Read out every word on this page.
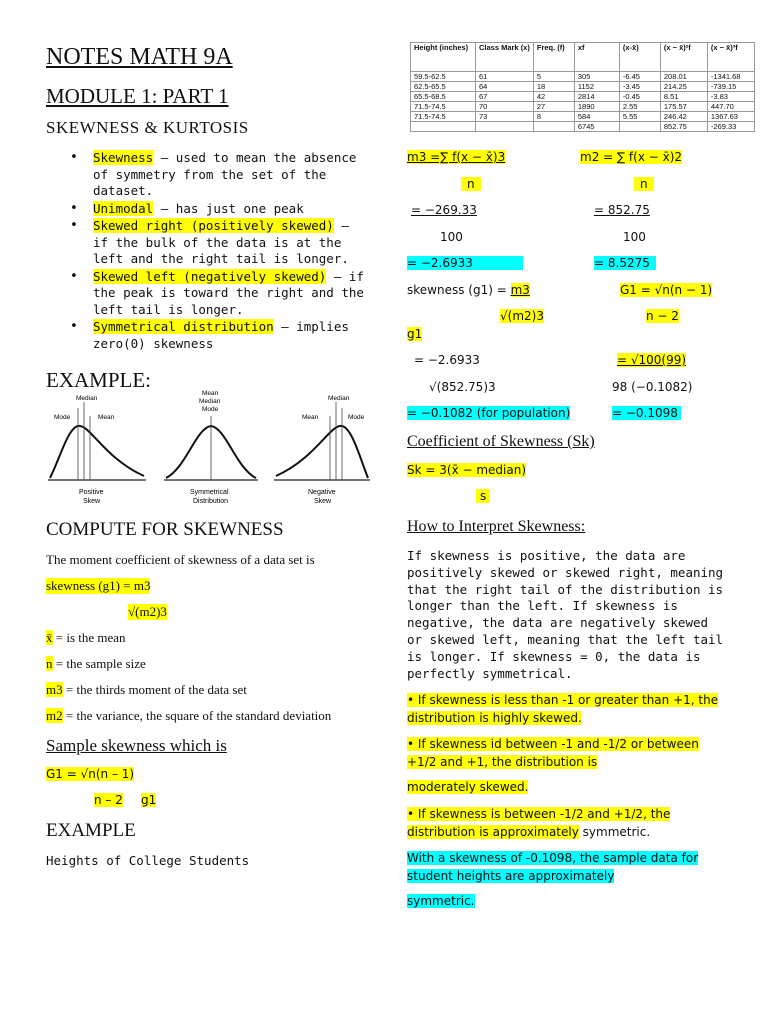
NOTES MATH 9A
MODULE 1: PART 1
SKEWNESS & KURTOSIS
• Skewness – used to mean the absence of symmetry from the set of the dataset.
• Unimodal – has just one peak
• Skewed right (positively skewed) – if the bulk of the data is at the left and the right tail is longer.
• Skewed left (negatively skewed) – if the peak is toward the right and the left tail is longer.
• Symmetrical distribution – implies zero(0) skewness
EXAMPLE:
Median
Mode	Mean
Positive
Skew
Mean
Median
Mode
Symmetrical
Distribution
Median
Mean	Mode
Negative
Skew
COMPUTE FOR SKEWNESS
The moment coefficient of skewness of a data set is
skewness (g1) = m3
√(m2)3
x̄ = is the mean
n = the sample size
m3 = the thirds moment of the data set
m2 = the variance, the square of the standard deviation
Sample skewness which is
G1 = √n(n – 1)
n – 2 g1
EXAMPLE
Heights of College Students
Height (inches)	Class Mark (x)	Freq. (f)	xf	(x-x̄)	(x − x̄)²f	(x − x̄)³f
59.5-62.5	61	5	305	-6.45	208.01	-1341.68
62.5-65.5	64	18	1152	-3.45	214.25	-739.15
65.5-68.5	67	42	2814	-0.45	8.51	-3.83
71.5-74.5	70	27	1890	2.55	175.57	447.70
71.5-74.5	73	8	584	5.55	246.42	1367.63
			6745		852.75	-269.33
m3 =∑ f(x − x̄)3	m2 = ∑ f(x − x̄)2
n	n
= −269.33	= 852.75
100	100
= −2.6933	= 8.5275
skewness (g1) = m3	G1 = √n(n − 1)
√(m2)3	n − 2
g1
= −2.6933	= √100(99)
√(852.75)3	98 (−0.1082)
= −0.1082 (for population)	= −0.1098
Coefficient of Skewness (Sk)
Sk = 3(x̄ − median)
s
How to Interpret Skewness:
If skewness is positive, the data are positively skewed or skewed right, meaning that the right tail of the distribution is longer than the left. If skewness is negative, the data are negatively skewed or skewed left, meaning that the left tail is longer. If skewness = 0, the data is perfectly symmetrical.
• If skewness is less than -1 or greater than +1, the distribution is highly skewed.
• If skewness id between -1 and -1/2 or between +1/2 and +1, the distribution is
moderately skewed.
• If skewness is between -1/2 and +1/2, the distribution is approximately symmetric.
With a skewness of -0.1098, the sample data for student heights are approximately
symmetric.
